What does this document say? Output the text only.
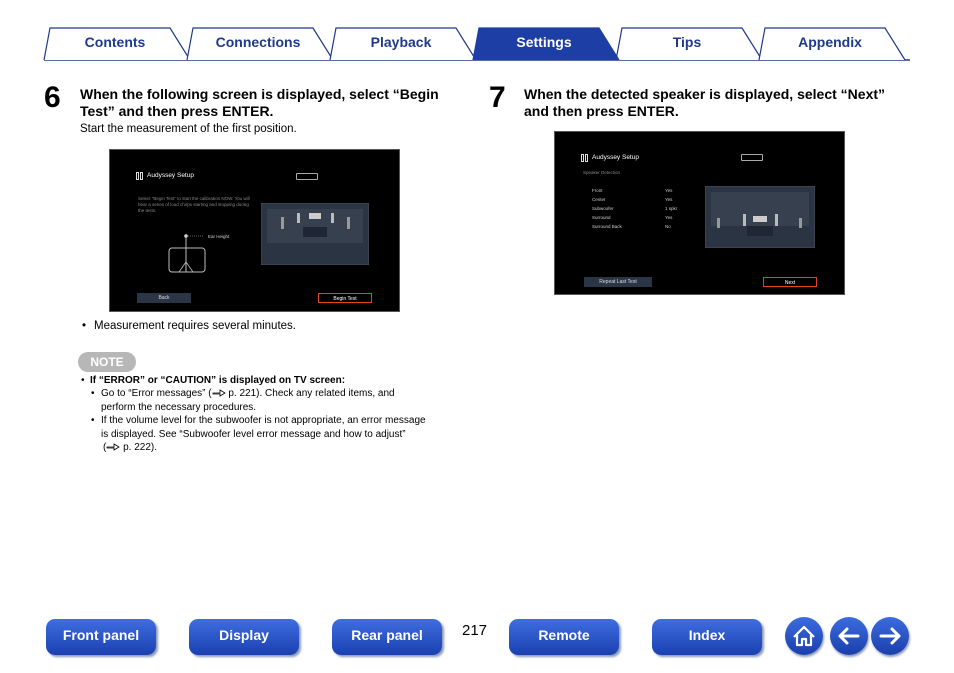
Contents	Connections	Playback	Settings	Tips	Appendix
6 When the following screen is displayed, select “Begin
Test” and then press ENTER.
Start the measurement of the first position.
Audyssey Setup
Select "Begin Test" to start the calibration NOW. You will
hear a series of loud chirps starting and stopping during
the tests.
Ear Height
Back	Begin Test
• Measurement requires several minutes.
NOTE
• If “ERROR” or “CAUTION” is displayed on TV screen:
• Go to “Error messages” ( p. 221). Check any related items, and
perform the necessary procedures.
• If the volume level for the subwoofer is not appropriate, an error message
is displayed. See “Subwoofer level error message and how to adjust”
( p. 222).
7 When the detected speaker is displayed, select “Next”
and then press ENTER.
Audyssey Setup
Speaker Detection
Front	Yes
Center	Yes
Subwoofer	1 spkr
Surround	Yes
Surround Back	No
Repeat Last Test	Next
Front panel	Display	Rear panel	217	Remote	Index
